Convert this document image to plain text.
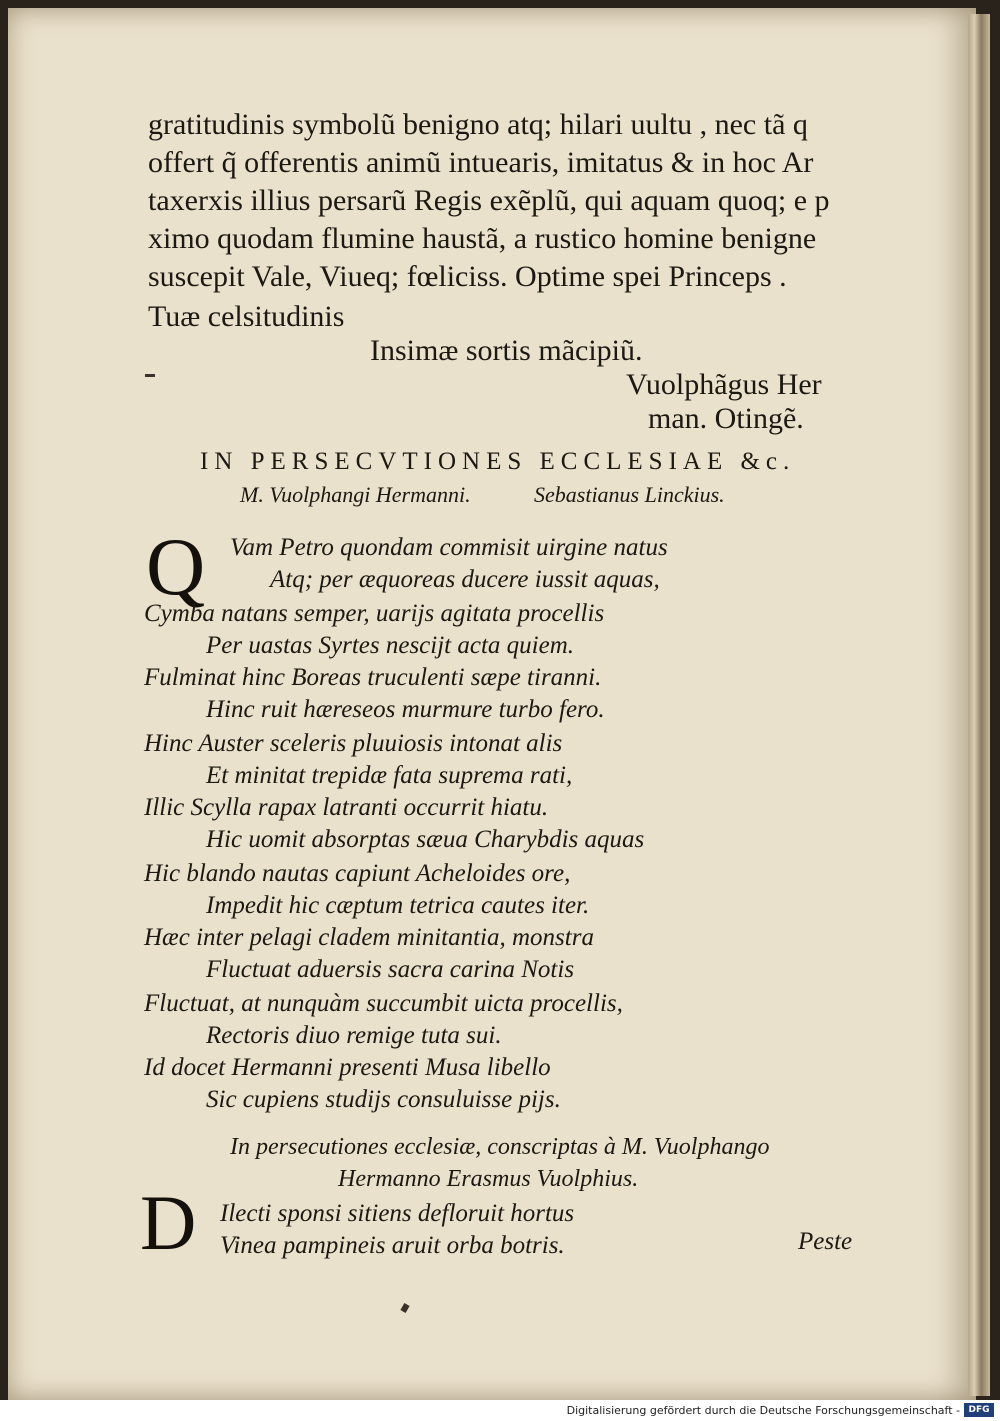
gratitudinis symbolũ benigno atq; hilari uultu , nec tã q
offert q̃ offerentis animũ intuearis, imitatus & in hoc Ar
taxerxis illius persarũ Regis exẽplũ, qui aquam quoq; e p
ximo quodam flumine haustã, a rustico homine benigne
suscepit Vale, Viueq; fœliciss. Optime spei Princeps .
Tuæ celsitudinis
Insimæ sortis mãcipiũ.
Vuolphãgus Her
man. Otingẽ.
IN PERSECVTIONES ECCLESIAE &c.
M. Vuolphangi Hermanni.	Sebastianus Linckius.
Q Vam Petro quondam commisit uirgine natus
Atq; per æquoreas ducere iussit aquas,
Cymba natans semper, uarijs agitata procellis
Per uastas Syrtes nescijt acta quiem.
Fulminat hinc Boreas truculenti sæpe tiranni.
Hinc ruit hæreseos murmure turbo fero.
Hinc Auster sceleris pluuiosis intonat alis
Et minitat trepidæ fata suprema rati,
Illic Scylla rapax latranti occurrit hiatu.
Hic uomit absorptas sæua Charybdis aquas
Hic blando nautas capiunt Acheloides ore,
Impedit hic cæptum tetrica cautes iter.
Hæc inter pelagi cladem minitantia, monstra
Fluctuat aduersis sacra carina Notis
Fluctuat, at nunquàm succumbit uicta procellis,
Rectoris diuo remige tuta sui.
Id docet Hermanni presenti Musa libello
Sic cupiens studijs consuluisse pijs.
In persecutiones ecclesiæ, conscriptas à M. Vuolphango
Hermanno Erasmus Vuolphius.
D Ilecti sponsi sitiens defloruit hortus
Vinea pampineis aruit orba botris.	Peste
Digitalisierung gefördert durch die Deutsche Forschungsgemeinschaft - DFG
